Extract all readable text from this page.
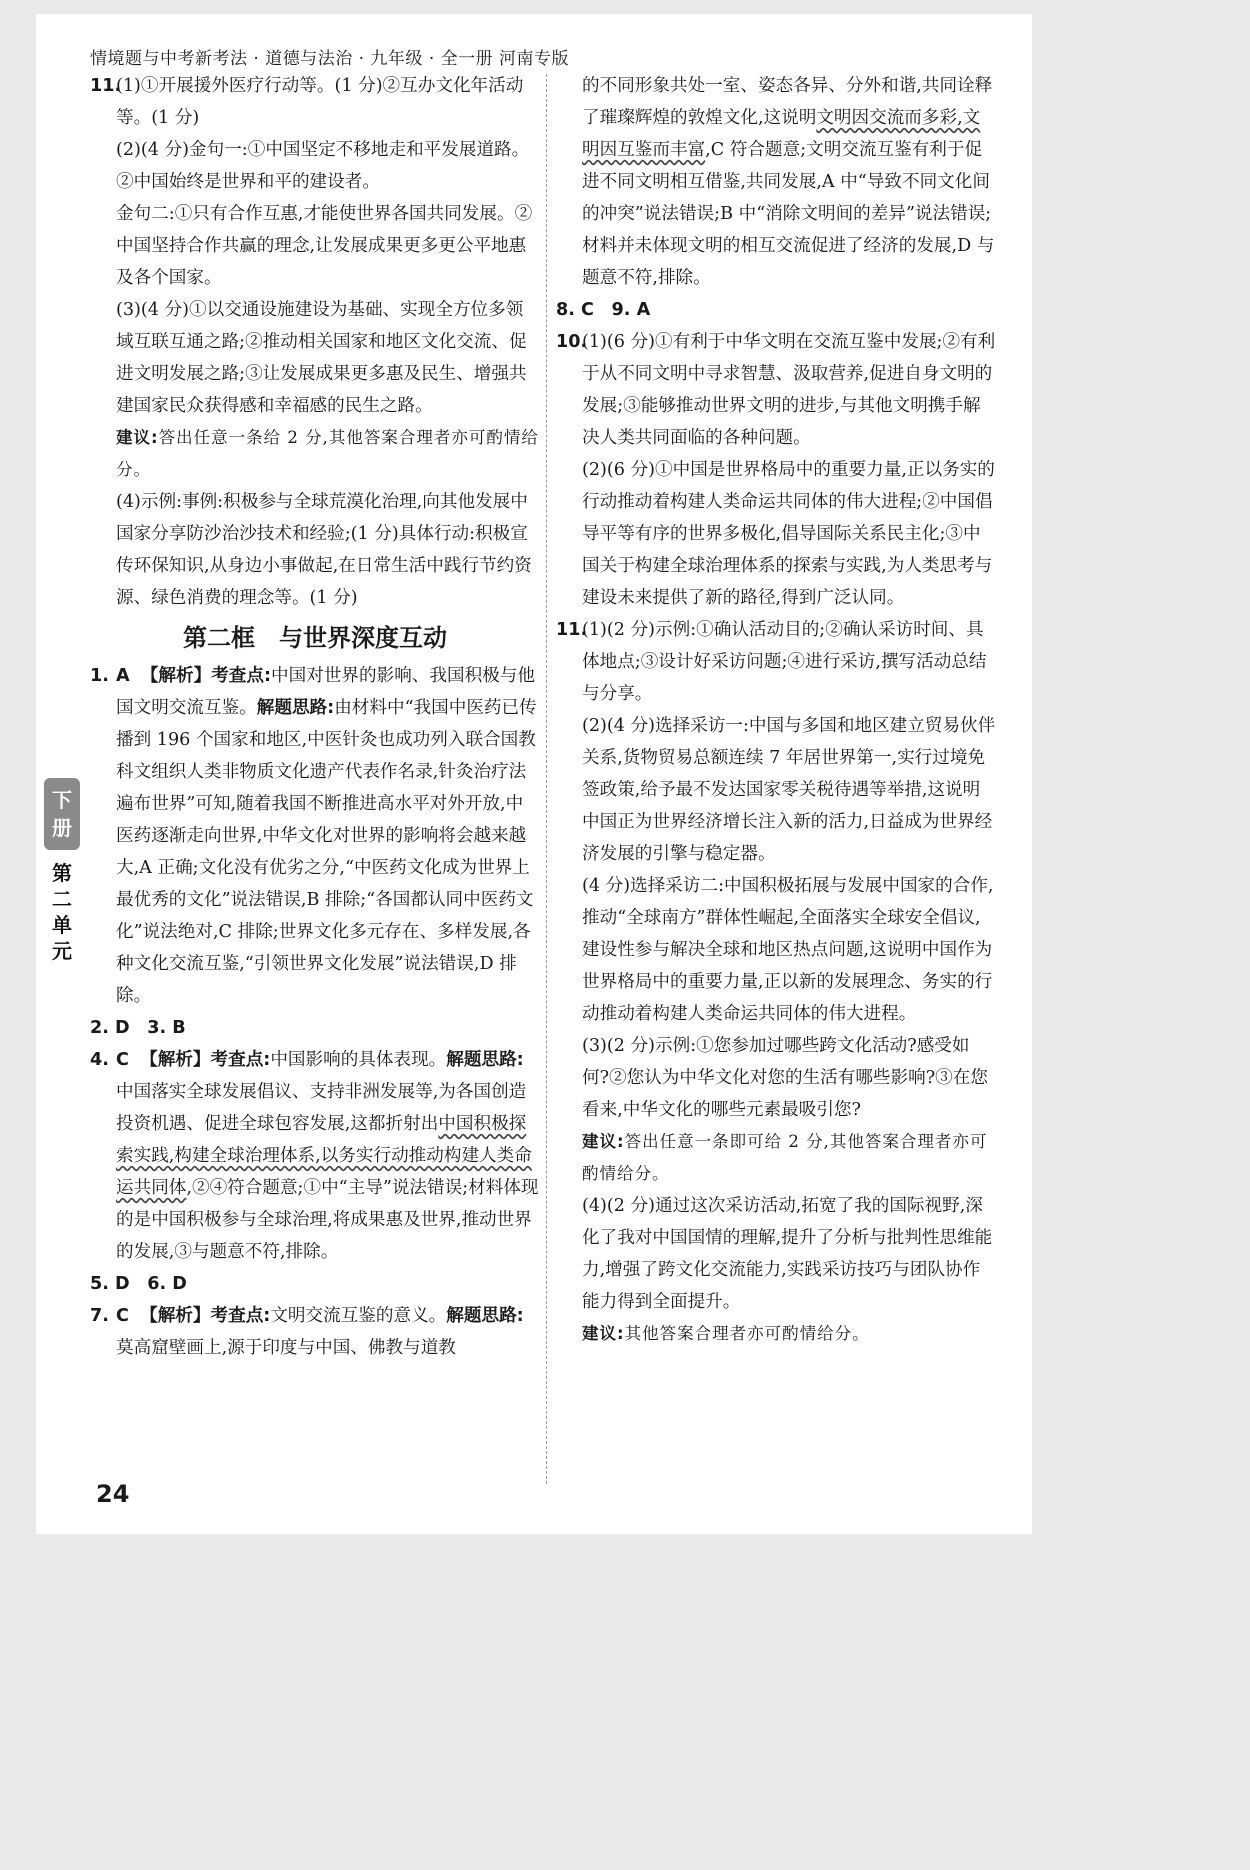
情境题与中考新考法 · 道德与法治 · 九年级 · 全一册 河南专版
11.
(1)①开展援外医疗行动等。(1 分)②互办文化年活动等。(1 分)
(2)(4 分)金句一:①中国坚定不移地走和平发展道路。②中国始终是世界和平的建设者。
金句二:①只有合作互惠,才能使世界各国共同发展。②中国坚持合作共赢的理念,让发展成果更多更公平地惠及各个国家。
(3)(4 分)①以交通设施建设为基础、实现全方位多领域互联互通之路;②推动相关国家和地区文化交流、促进文明发展之路;③让发展成果更多惠及民生、增强共建国家民众获得感和幸福感的民生之路。
建议:答出任意一条给 2 分,其他答案合理者亦可酌情给分。
(4)示例:事例:积极参与全球荒漠化治理,向其他发展中国家分享防沙治沙技术和经验;(1 分)具体行动:积极宣传环保知识,从身边小事做起,在日常生活中践行节约资源、绿色消费的理念等。(1 分)
第二框　与世界深度互动
1. A 【解析】考查点:中国对世界的影响、我国积极与他国文明交流互鉴。解题思路:由材料中“我国中医药已传播到 196 个国家和地区,中医针灸也成功列入联合国教科文组织人类非物质文化遗产代表作名录,针灸治疗法遍布世界”可知,随着我国不断推进高水平对外开放,中医药逐渐走向世界,中华文化对世界的影响将会越来越大,A 正确;文化没有优劣之分,“中医药文化成为世界上最优秀的文化”说法错误,B 排除;“各国都认同中医药文化”说法绝对,C 排除;世界文化多元存在、多样发展,各种文化交流互鉴,“引领世界文化发展”说法错误,D 排除。
2. D　3. B
4. C 【解析】考查点:中国影响的具体表现。解题思路:中国落实全球发展倡议、支持非洲发展等,为各国创造投资机遇、促进全球包容发展,这都折射出中国积极探索实践,构建全球治理体系,以务实行动推动构建人类命运共同体,②④符合题意;①中“主导”说法错误;材料体现的是中国积极参与全球治理,将成果惠及世界,推动世界的发展,③与题意不符,排除。
5. D　6. D
7. C 【解析】考查点:文明交流互鉴的意义。解题思路:莫高窟壁画上,源于印度与中国、佛教与道教
的不同形象共处一室、姿态各异、分外和谐,共同诠释了璀璨辉煌的敦煌文化,这说明文明因交流而多彩,文明因互鉴而丰富,C 符合题意;文明交流互鉴有利于促进不同文明相互借鉴,共同发展,A 中“导致不同文化间的冲突”说法错误;B 中“消除文明间的差异”说法错误;材料并未体现文明的相互交流促进了经济的发展,D 与题意不符,排除。
8. C　9. A
10.
(1)(6 分)①有利于中华文明在交流互鉴中发展;②有利于从不同文明中寻求智慧、汲取营养,促进自身文明的发展;③能够推动世界文明的进步,与其他文明携手解决人类共同面临的各种问题。
(2)(6 分)①中国是世界格局中的重要力量,正以务实的行动推动着构建人类命运共同体的伟大进程;②中国倡导平等有序的世界多极化,倡导国际关系民主化;③中国关于构建全球治理体系的探索与实践,为人类思考与建设未来提供了新的路径,得到广泛认同。
11.
(1)(2 分)示例:①确认活动目的;②确认采访时间、具体地点;③设计好采访问题;④进行采访,撰写活动总结与分享。
(2)(4 分)选择采访一:中国与多国和地区建立贸易伙伴关系,货物贸易总额连续 7 年居世界第一,实行过境免签政策,给予最不发达国家零关税待遇等举措,这说明中国正为世界经济增长注入新的活力,日益成为世界经济发展的引擎与稳定器。
(4 分)选择采访二:中国积极拓展与发展中国家的合作,推动“全球南方”群体性崛起,全面落实全球安全倡议,建设性参与解决全球和地区热点问题,这说明中国作为世界格局中的重要力量,正以新的发展理念、务实的行动推动着构建人类命运共同体的伟大进程。
(3)(2 分)示例:①您参加过哪些跨文化活动?感受如何?②您认为中华文化对您的生活有哪些影响?③在您看来,中华文化的哪些元素最吸引您?
建议:答出任意一条即可给 2 分,其他答案合理者亦可酌情给分。
(4)(2 分)通过这次采访活动,拓宽了我的国际视野,深化了我对中国国情的理解,提升了分析与批判性思维能力,增强了跨文化交流能力,实践采访技巧与团队协作能力得到全面提升。
建议:其他答案合理者亦可酌情给分。
下册
第二单元
24
